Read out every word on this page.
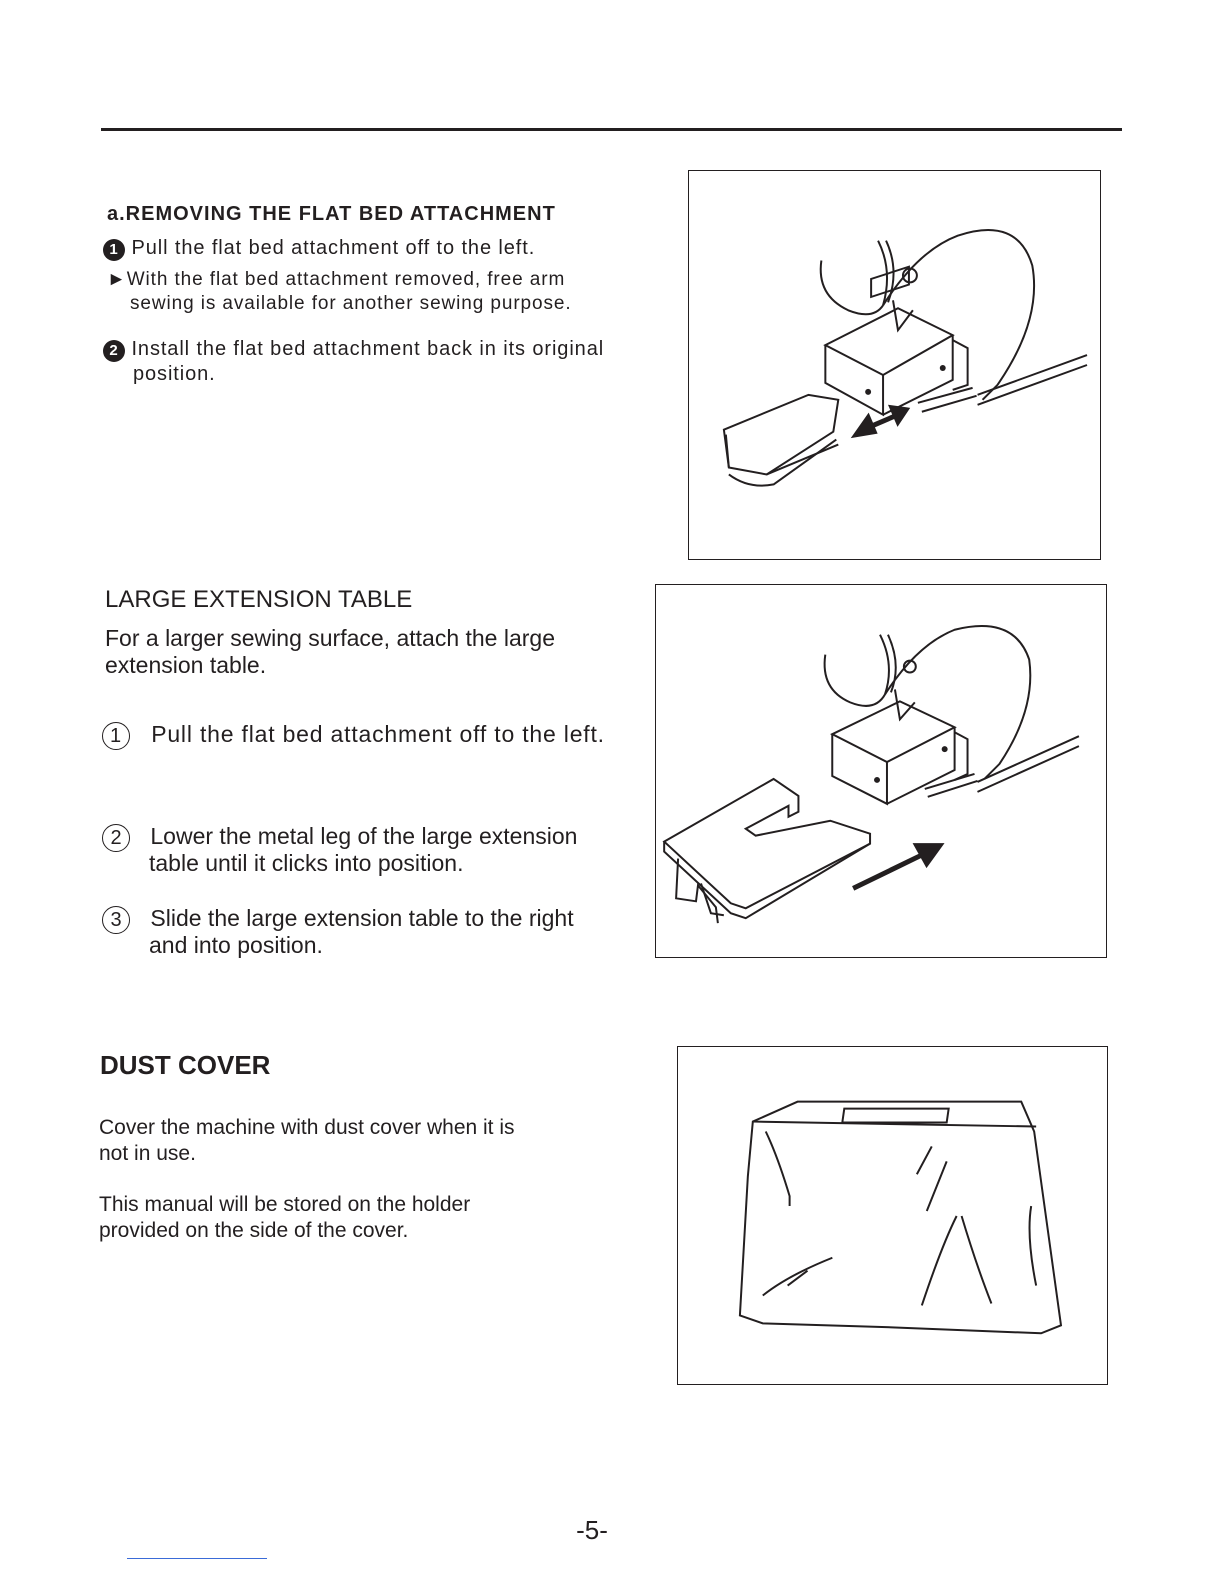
a.REMOVING THE FLAT BED ATTACHMENT
1 Pull the flat bed attachment off to the left.
►With the flat bed attachment removed, free arm
sewing is available for another sewing purpose.
2 Install the flat bed attachment back in its original
position.
LARGE EXTENSION TABLE
For a larger sewing surface, attach the large
extension table.
1 Pull the flat bed attachment off to the left.
2 Lower the metal leg of the large extension
table until it clicks into position.
3 Slide the large extension table to the right
and into position.
DUST COVER
Cover the machine with dust cover when it is
not in use.
This manual will be stored on the holder
provided on the side of the cover.
-5-
